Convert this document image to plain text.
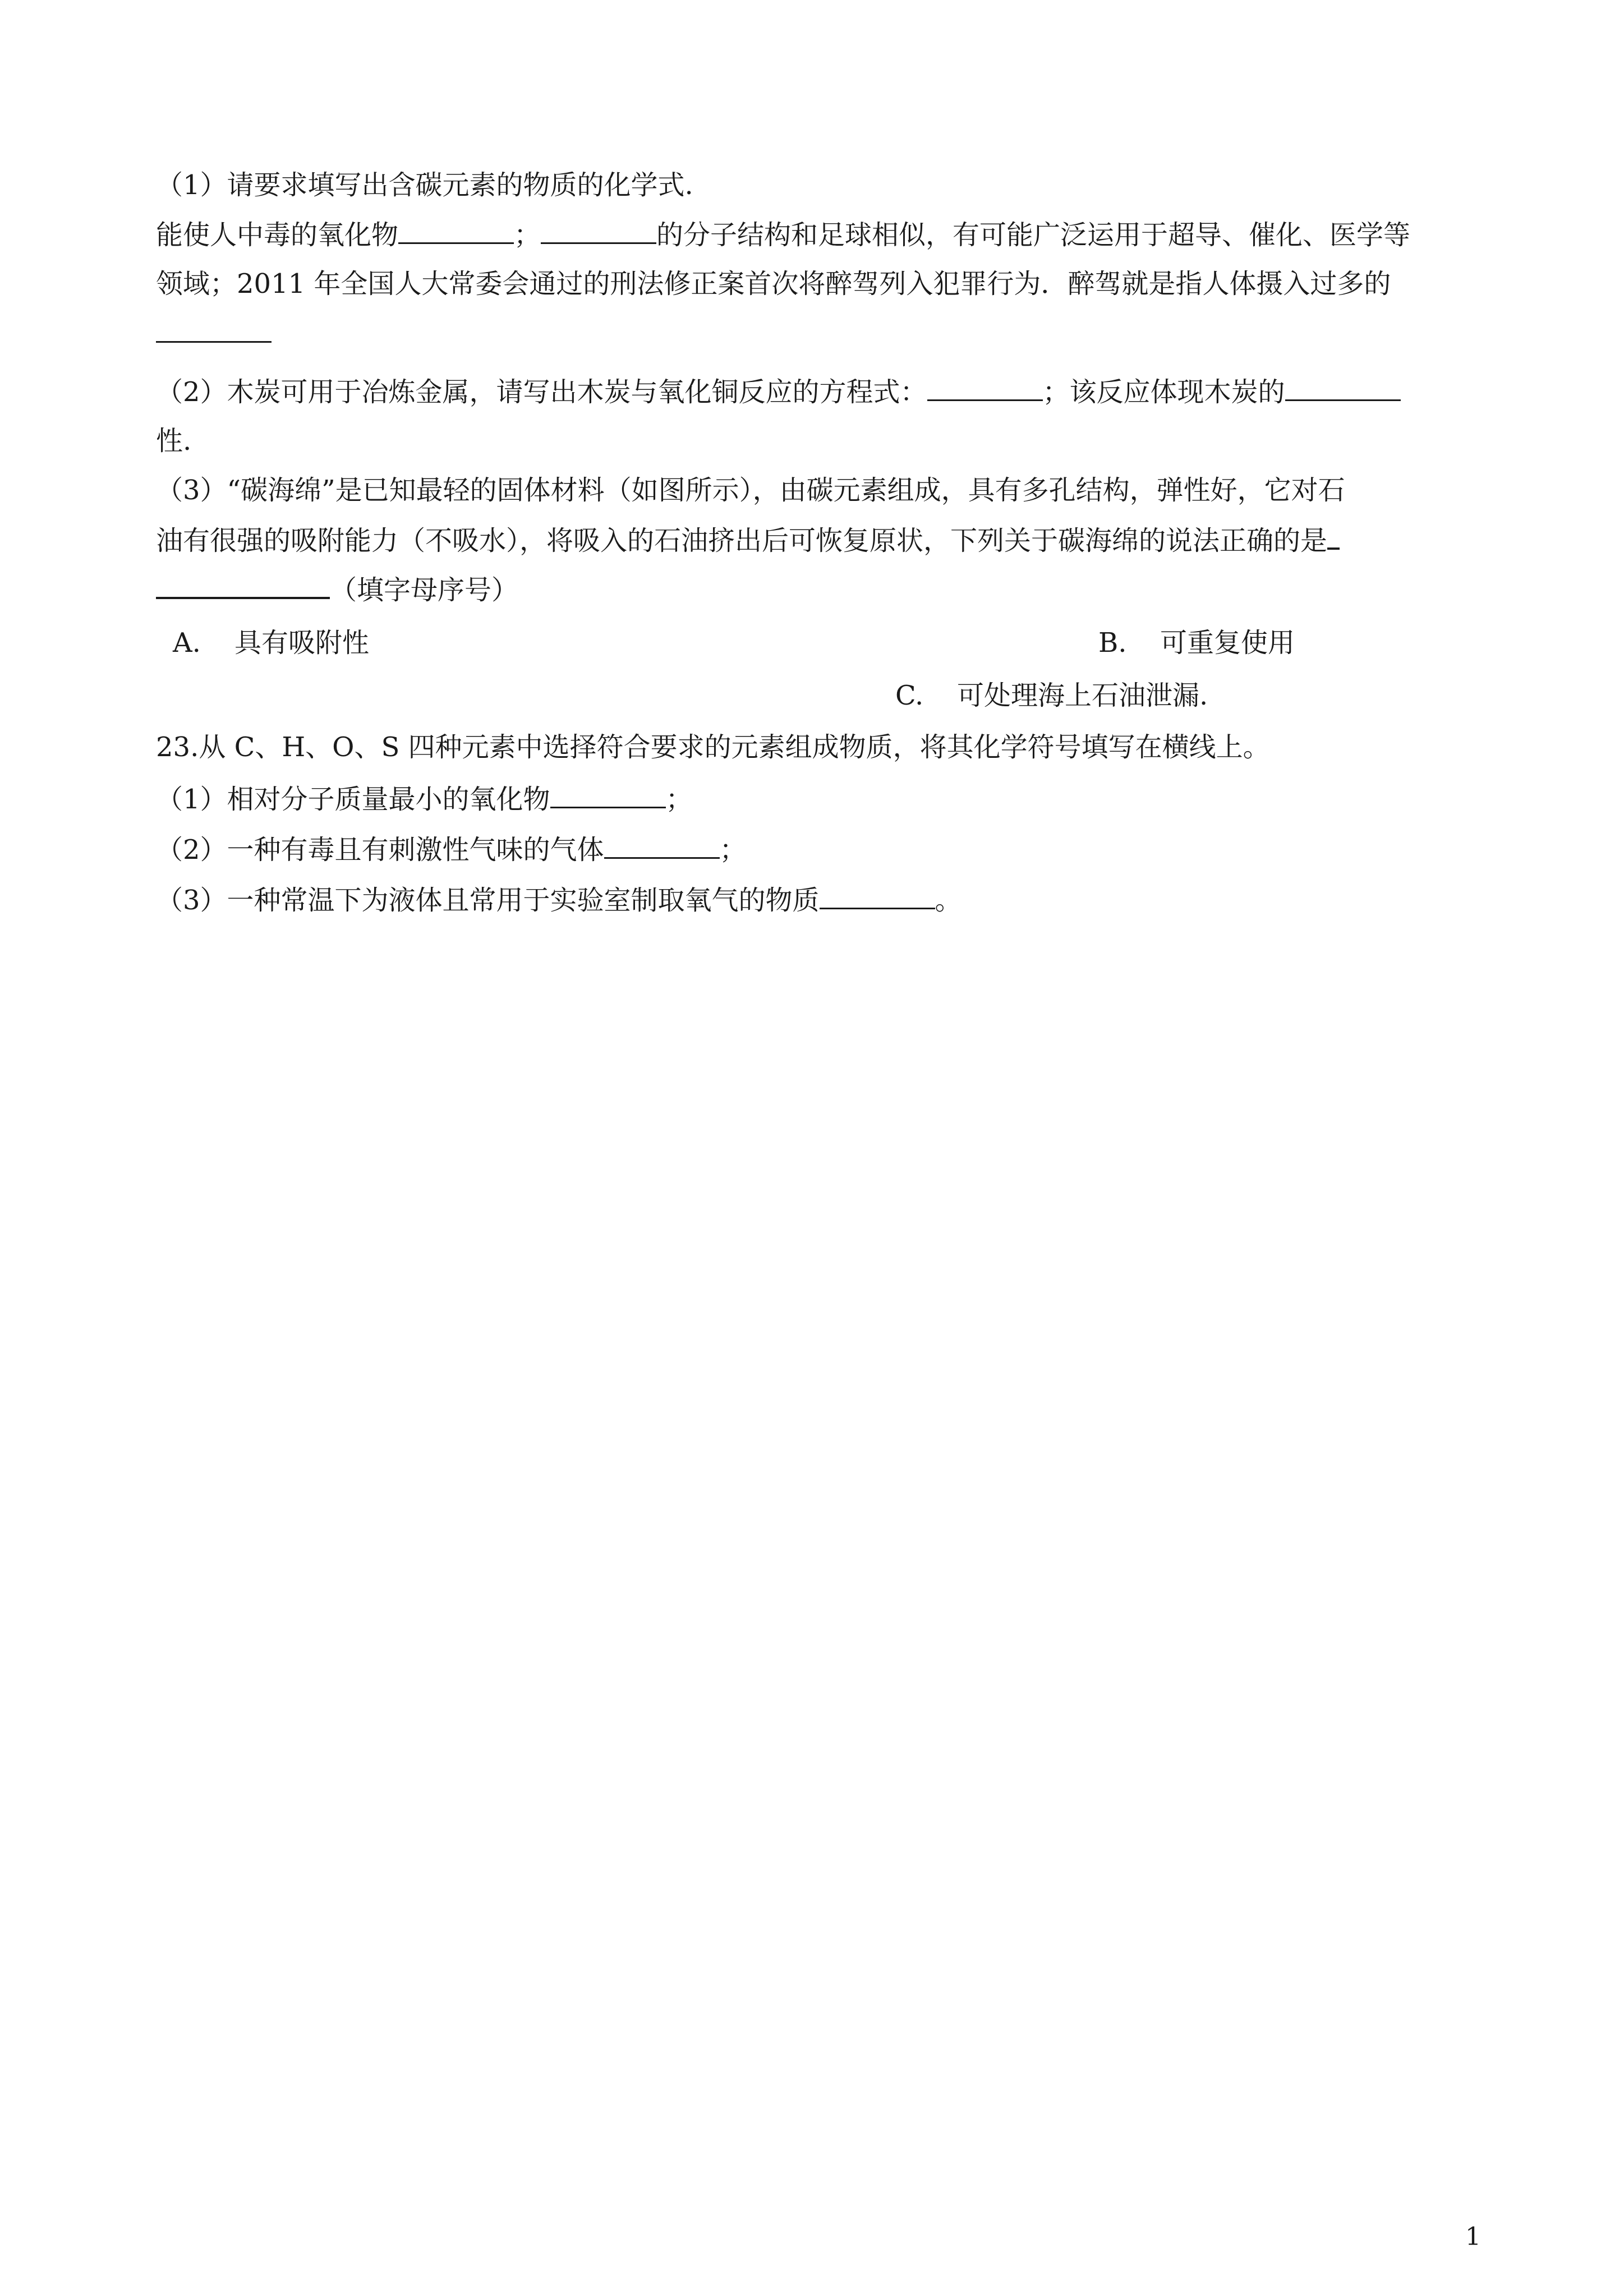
（1）请要求填写出含碳元素的物质的化学式.
能使人中毒的氧化物	；	的分子结构和足球相似，有可能广泛运用于超导、催化、医学等
领域；2011 年全国人大常委会通过的刑法修正案首次将醉驾列入犯罪行为．醉驾就是指人体摄入过多的
（2）木炭可用于冶炼金属，请写出木炭与氧化铜反应的方程式：	；该反应体现木炭的
性.
（3）“碳海绵”是已知最轻的固体材料（如图所示），由碳元素组成，具有多孔结构，弹性好，它对石
油有很强的吸附能力（不吸水），将吸入的石油挤出后可恢复原状，下列关于碳海绵的说法正确的是
（填字母序号）
A. 具有吸附性	B. 可重复使用
C. 可处理海上石油泄漏.
23.从 C、H、O、S 四种元素中选择符合要求的元素组成物质，将其化学符号填写在横线上。
（1）相对分子质量最小的氧化物	；
（2）一种有毒且有刺激性气味的气体	；
（3）一种常温下为液体且常用于实验室制取氧气的物质	。
1
